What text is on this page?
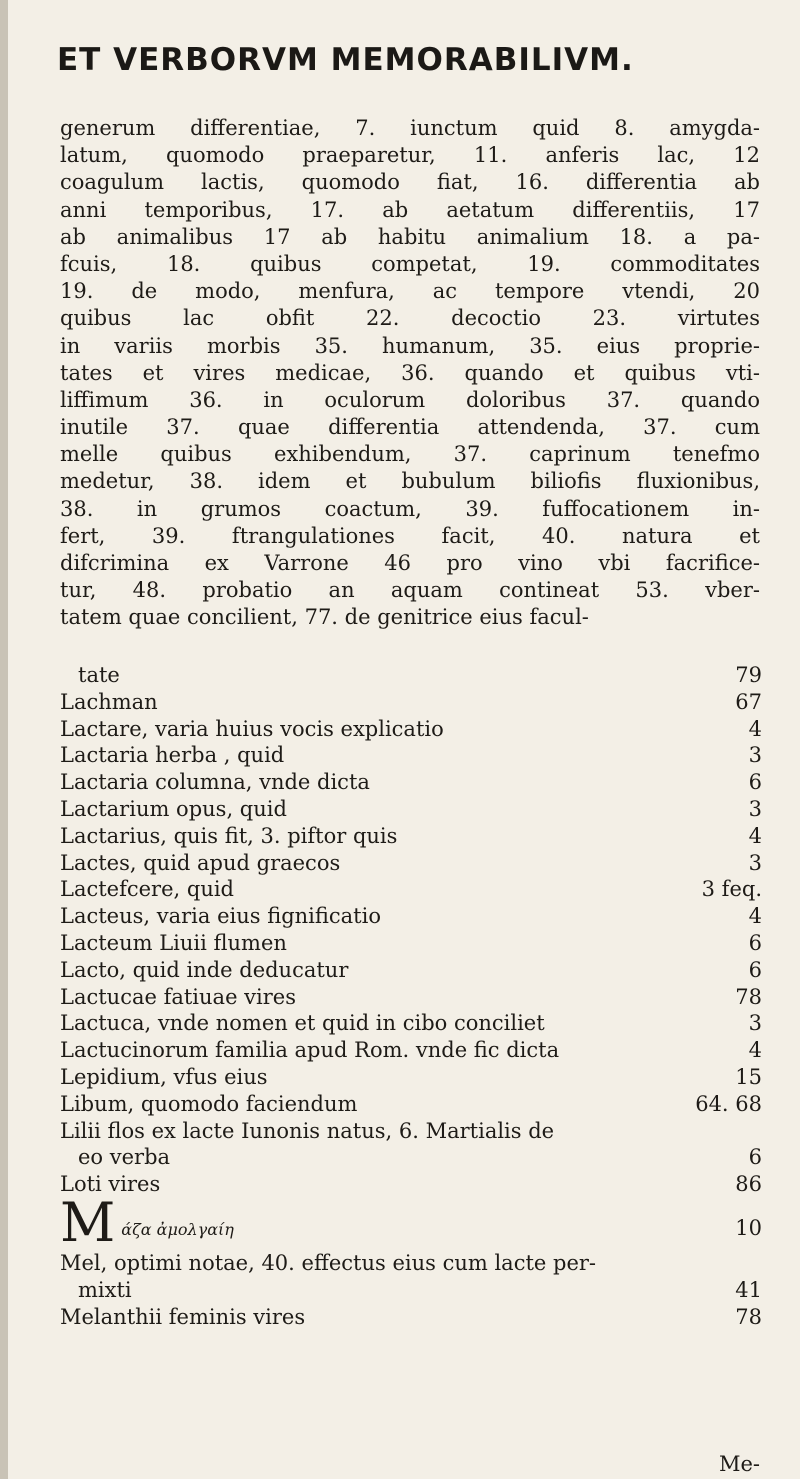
ET VERBORVM MEMORABILIVM.
generum differentiae, 7. iunctum quid 8. amygda-
latum, quomodo praeparetur, 11. anferis lac, 12
coagulum lactis, quomodo fiat, 16. differentia ab
anni temporibus, 17. ab aetatum differentiis, 17
ab animalibus 17 ab habitu animalium 18. a pa-
fcuis, 18. quibus competat, 19. commoditates
19. de modo, menfura, ac tempore vtendi, 20
quibus lac obfit 22. decoctio 23. virtutes
in variis morbis 35. humanum, 35. eius proprie-
tates et vires medicae, 36. quando et quibus vti-
liffimum 36. in oculorum doloribus 37. quando
inutile 37. quae differentia attendenda, 37. cum
melle quibus exhibendum, 37. caprinum tenefmo
medetur, 38. idem et bubulum biliofis fluxionibus,
38. in grumos coactum, 39. fuffocationem in-
fert, 39. ftrangulationes facit, 40. natura et
difcrimina ex Varrone 46 pro vino vbi facrifice-
tur, 48. probatio an aquam contineat 53. vber-
tatem quae concilient, 77. de genitrice eius facul-
tate	79
Lachman	67
Lactare, varia huius vocis explicatio	4
Lactaria herba , quid	3
Lactaria columna, vnde dicta	6
Lactarium opus, quid	3
Lactarius, quis fit, 3. piftor quis	4
Lactes, quid apud graecos	3
Lactefcere, quid	3 feq.
Lacteus, varia eius fignificatio	4
Lacteum Liuii flumen	6
Lacto, quid inde deducatur	6
Lactucae fatiuae vires	78
Lactuca, vnde nomen et quid in cibo conciliet	3
Lactucinorum familia apud Rom. vnde fic dicta	4
Lepidium, vfus eius	15
Libum, quomodo faciendum	64. 68
Lilii flos ex lacte Iunonis natus, 6. Martialis de
eo verba	6
Loti vires	86
Mάζα ἀμολγαίη	10
Mel, optimi notae, 40. effectus eius cum lacte per-
mixti	41
Melanthii feminis vires	78
Me-
